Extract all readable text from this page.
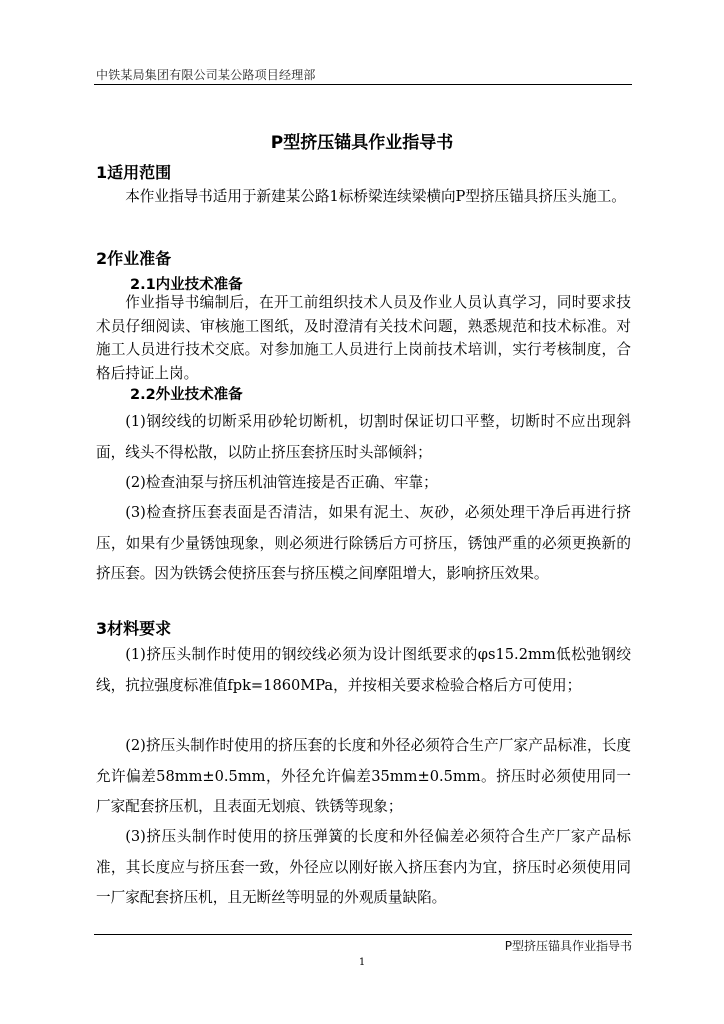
中铁某局集团有限公司某公路项目经理部
P型挤压锚具作业指导书
1适用范围

本作业指导书适用于新建某公路1标桥梁连续梁横向P型挤压锚具挤压头施工。

2作业准备
2.1内业技术准备

作业指导书编制后，在开工前组织技术人员及作业人员认真学习，同时要求技术员仔细阅读、审核施工图纸，及时澄清有关技术问题，熟悉规范和技术标准。对施工人员进行技术交底。对参加施工人员进行上岗前技术培训，实行考核制度，合格后持证上岗。

2.2外业技术准备

(1)钢绞线的切断采用砂轮切断机，切割时保证切口平整，切断时不应出现斜面，线头不得松散，以防止挤压套挤压时头部倾斜；

(2)检查油泵与挤压机油管连接是否正确、牢靠；

(3)检查挤压套表面是否清洁，如果有泥土、灰砂，必须处理干净后再进行挤压，如果有少量锈蚀现象，则必须进行除锈后方可挤压，锈蚀严重的必须更换新的挤压套。因为铁锈会使挤压套与挤压模之间摩阻增大，影响挤压效果。

3材料要求

(1)挤压头制作时使用的钢绞线必须为设计图纸要求的φs15.2mm低松弛钢绞线，抗拉强度标准值fpk=1860MPa，并按相关要求检验合格后方可使用；

(2)挤压头制作时使用的挤压套的长度和外径必须符合生产厂家产品标准，长度允许偏差58mm±0.5mm，外径允许偏差35mm±0.5mm。挤压时必须使用同一厂家配套挤压机，且表面无划痕、铁锈等现象；

(3)挤压头制作时使用的挤压弹簧的长度和外径偏差必须符合生产厂家产品标准，其长度应与挤压套一致，外径应以刚好嵌入挤压套内为宜，挤压时必须使用同一厂家配套挤压机，且无断丝等明显的外观质量缺陷。

P型挤压锚具作业指导书
1
